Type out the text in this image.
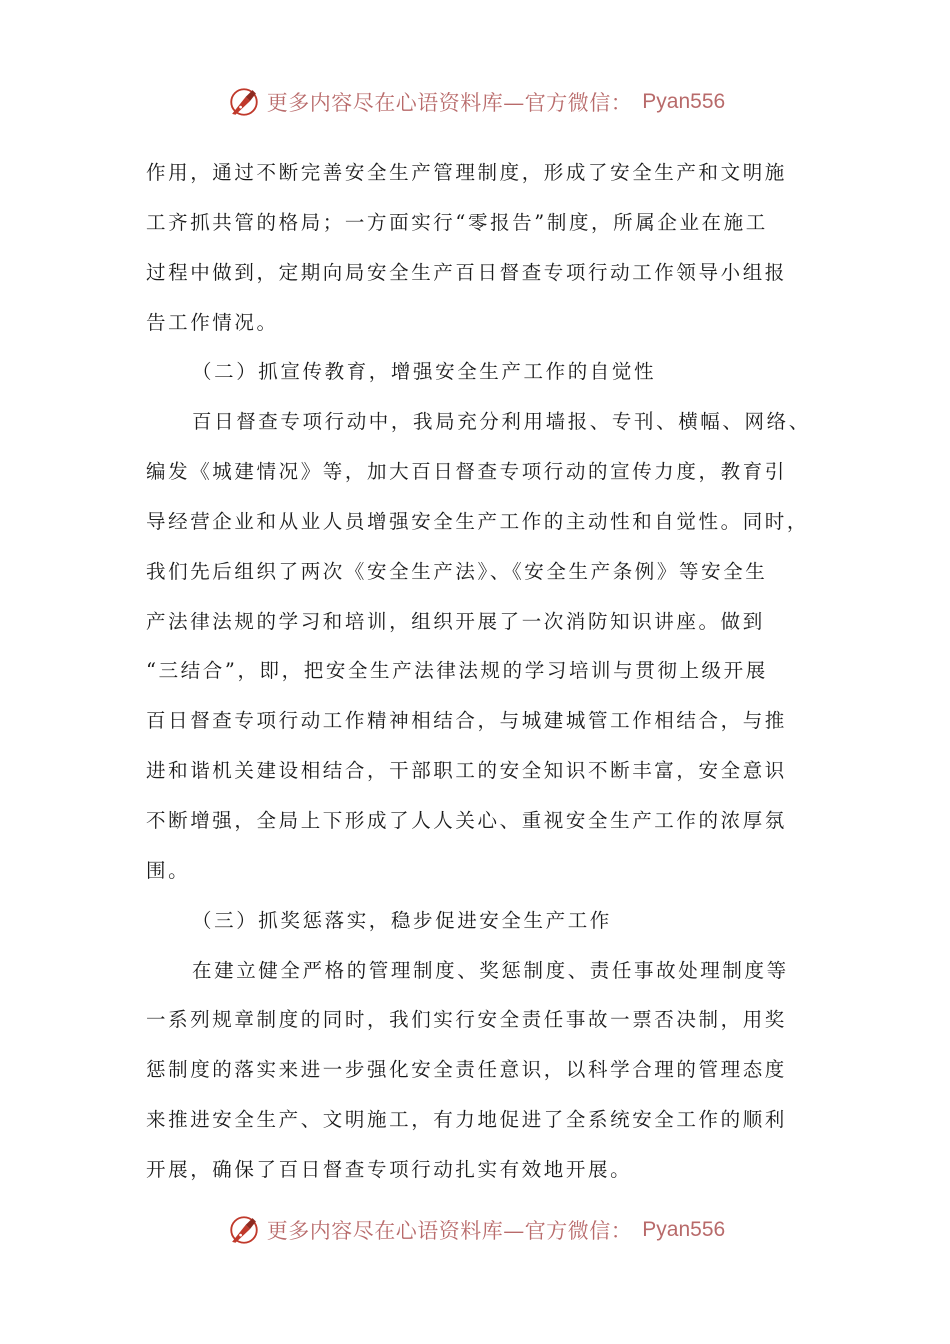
更多内容尽在心语资料库—官方微信： Pyan556
作用，通过不断完善安全生产管理制度，形成了安全生产和文明施
工齐抓共管的格局；一方面实行“零报告”制度，所属企业在施工
过程中做到，定期向局安全生产百日督查专项行动工作领导小组报
告工作情况。
（二）抓宣传教育，增强安全生产工作的自觉性
百日督查专项行动中，我局充分利用墙报、专刊、横幅、网络、
编发《城建情况》等，加大百日督查专项行动的宣传力度，教育引
导经营企业和从业人员增强安全生产工作的主动性和自觉性。同时，
我们先后组织了两次《安全生产法》、《安全生产条例》等安全生
产法律法规的学习和培训，组织开展了一次消防知识讲座。做到
“三结合”，即，把安全生产法律法规的学习培训与贯彻上级开展
百日督查专项行动工作精神相结合，与城建城管工作相结合，与推
进和谐机关建设相结合，干部职工的安全知识不断丰富，安全意识
不断增强，全局上下形成了人人关心、重视安全生产工作的浓厚氛
围。
（三）抓奖惩落实，稳步促进安全生产工作
在建立健全严格的管理制度、奖惩制度、责任事故处理制度等
一系列规章制度的同时，我们实行安全责任事故一票否决制，用奖
惩制度的落实来进一步强化安全责任意识，以科学合理的管理态度
来推进安全生产、文明施工，有力地促进了全系统安全工作的顺利
开展，确保了百日督查专项行动扎实有效地开展。
更多内容尽在心语资料库—官方微信： Pyan556
